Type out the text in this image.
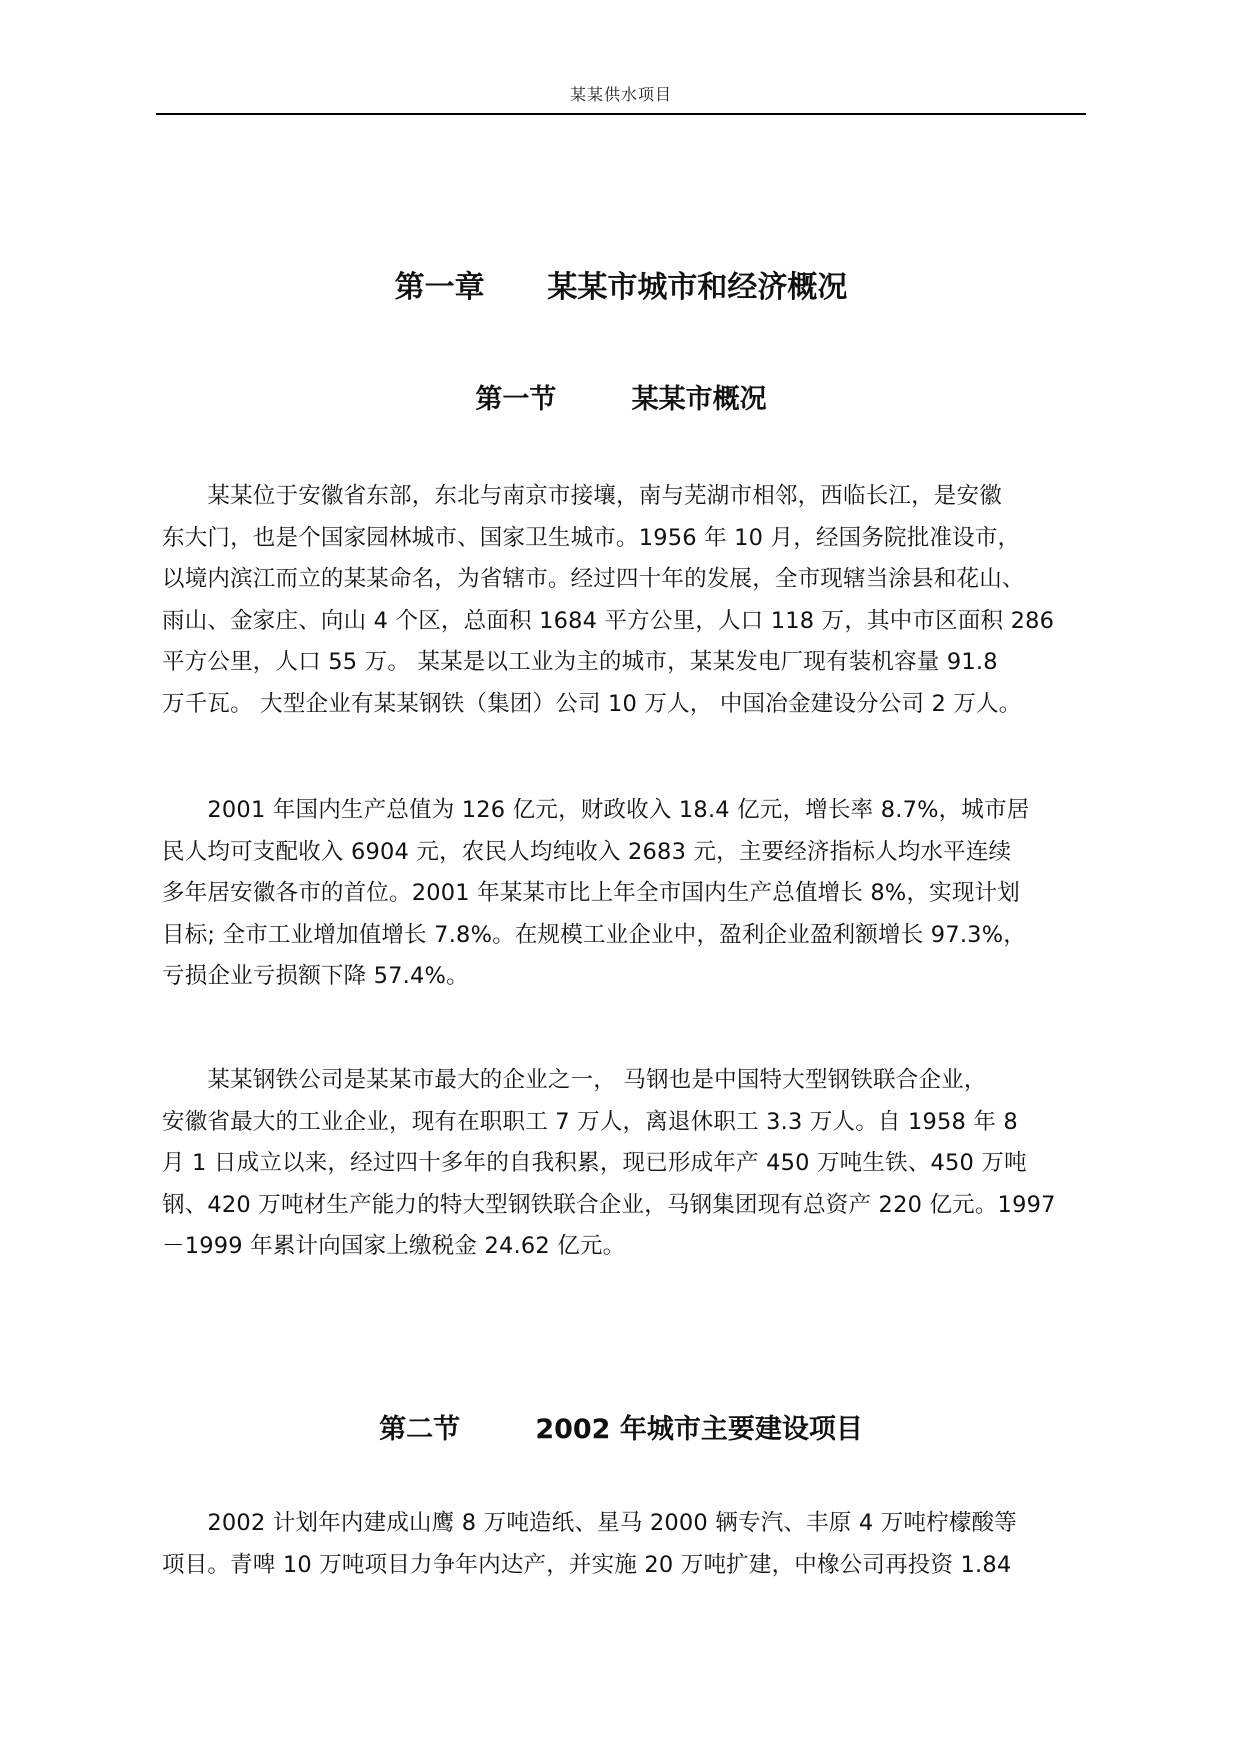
某某供水项目
第一章      某某市城市和经济概况
第一节        某某市概况
　　某某位于安徽省东部，东北与南京市接壤，南与芜湖市相邻，西临长江，是安徽
东大门，也是个国家园林城市、国家卫生城市。1956 年 10 月，经国务院批准设市，
以境内滨江而立的某某命名，为省辖市。经过四十年的发展，全市现辖当涂县和花山、
雨山、金家庄、向山 4 个区，总面积 1684 平方公里，人口 118 万，其中市区面积 286
平方公里，人口 55 万。 某某是以工业为主的城市，某某发电厂现有装机容量 91.8
万千瓦。 大型企业有某某钢铁（集团）公司 10 万人， 中国冶金建设分公司 2 万人。
　　2001 年国内生产总值为 126 亿元，财政收入 18.4 亿元，增长率 8.7%，城市居
民人均可支配收入 6904 元，农民人均纯收入 2683 元，主要经济指标人均水平连续
多年居安徽各市的首位。2001 年某某市比上年全市国内生产总值增长 8%，实现计划
目标; 全市工业增加值增长 7.8%。在规模工业企业中，盈利企业盈利额增长 97.3%，
亏损企业亏损额下降 57.4%。
　　某某钢铁公司是某某市最大的企业之一， 马钢也是中国特大型钢铁联合企业，
安徽省最大的工业企业，现有在职职工 7 万人，离退休职工 3.3 万人。自 1958 年 8
月 1 日成立以来，经过四十多年的自我积累，现已形成年产 450 万吨生铁、450 万吨
钢、420 万吨材生产能力的特大型钢铁联合企业，马钢集团现有总资产 220 亿元。1997
－1999 年累计向国家上缴税金 24.62 亿元。
第二节        2002 年城市主要建设项目
　　2002 计划年内建成山鹰 8 万吨造纸、星马 2000 辆专汽、丰原 4 万吨柠檬酸等
项目。青啤 10 万吨项目力争年内达产，并实施 20 万吨扩建，中橡公司再投资 1.84
